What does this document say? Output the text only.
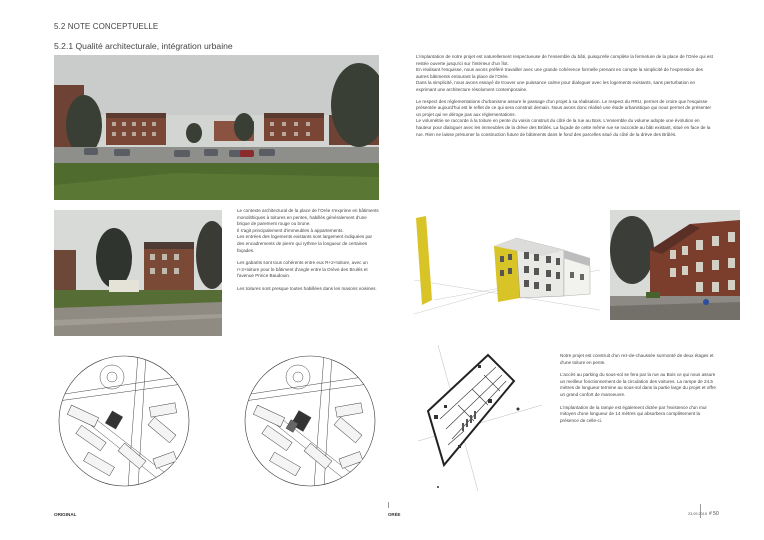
5.2 NOTE CONCEPTUELLE
5.2.1 Qualité architecturale, intégration urbaine

L'implantation de notre projet est naturellement respectueuse de l'ensemble du bâti, puisqu'elle complète la fermeture de la place de l'Orée qui est restée ouverte jusqu'ici sur l'intérieur d'un îlot.

En réalisant l'esquisse, nous avons préféré travailler avec une grande cohérence formelle prenant en compte la simplicité de l'expression des autres bâtiments entourant la place de l'Orée.

Dans la simplicité, nous avons essayé de trouver une puissance calme pour dialoguer avec les logements existants, sans perturbation en exprimant une architecture résolument contemporaine.

Le respect des réglementations d'urbanisme assure le passage d'un projet à sa réalisation. Le respect du RRU, permet de croire que l'esquisse présentée aujourd'hui est le reflet de ce qui sera construit demain. Nous avons donc réalisé une étude urbanistique qui nous permet de présenter un projet qui ne déroge pas aux réglementations.

Le volumétrie se raccorde à la toiture en pente du voisin construit du côté de la rue au Bois. L'ensemble du volume adopte une évolution en hauteur pour dialoguer avec les immeubles de la drève des Brûlés. La façade de cette même rue se raccorde au bâti existant, situé en face de la rue. Rien ne laisse présumer la construction future de bâtiments dans le fond des parcelles situé du côté de la drève des Brûlés.

Le contexte architectural de la place de l'Orée s'exprime en bâtiments monolithiques à toitures en pentes, habillés généralement d'une brique de parement rouge ou brune.

Il s'agit principalement d'immeubles à appartements.

Les entrées des logements existants sont largement indiquées par des encadrements de pierre qui rythme la longueur de certaines façades.

Les gabarits sont tous cohérents entre eux R+2+toiture, avec un r+3+toiture pour le bâtiment d'angle entre la Drève des Brulés et l'avenue Prince Baudouin.

Les toitures sont presque toutes habillées dans les masons voisines.

Notre projet est construit d'un rez-de-chaussée surmonté de deux étages et d'une toiture en pente.

L'accès au parking du sous-sol se fera par la rue au Bois ce qui nous assure un meilleur fonctionnement de la circulation des voitures. La rampe de 24.5 mètres de longueur termine au sous-sol dans la partie large du projet et offre un grand confort de manoeuvre.

L'implantation de la rampe est également dictée par l'existence d'un mur mitoyen d'une longueur de 14 mètres qui absorbera complètement la présence de celle-ci.

ORIGINAL	ORÉE	23.09.2015 # 50
